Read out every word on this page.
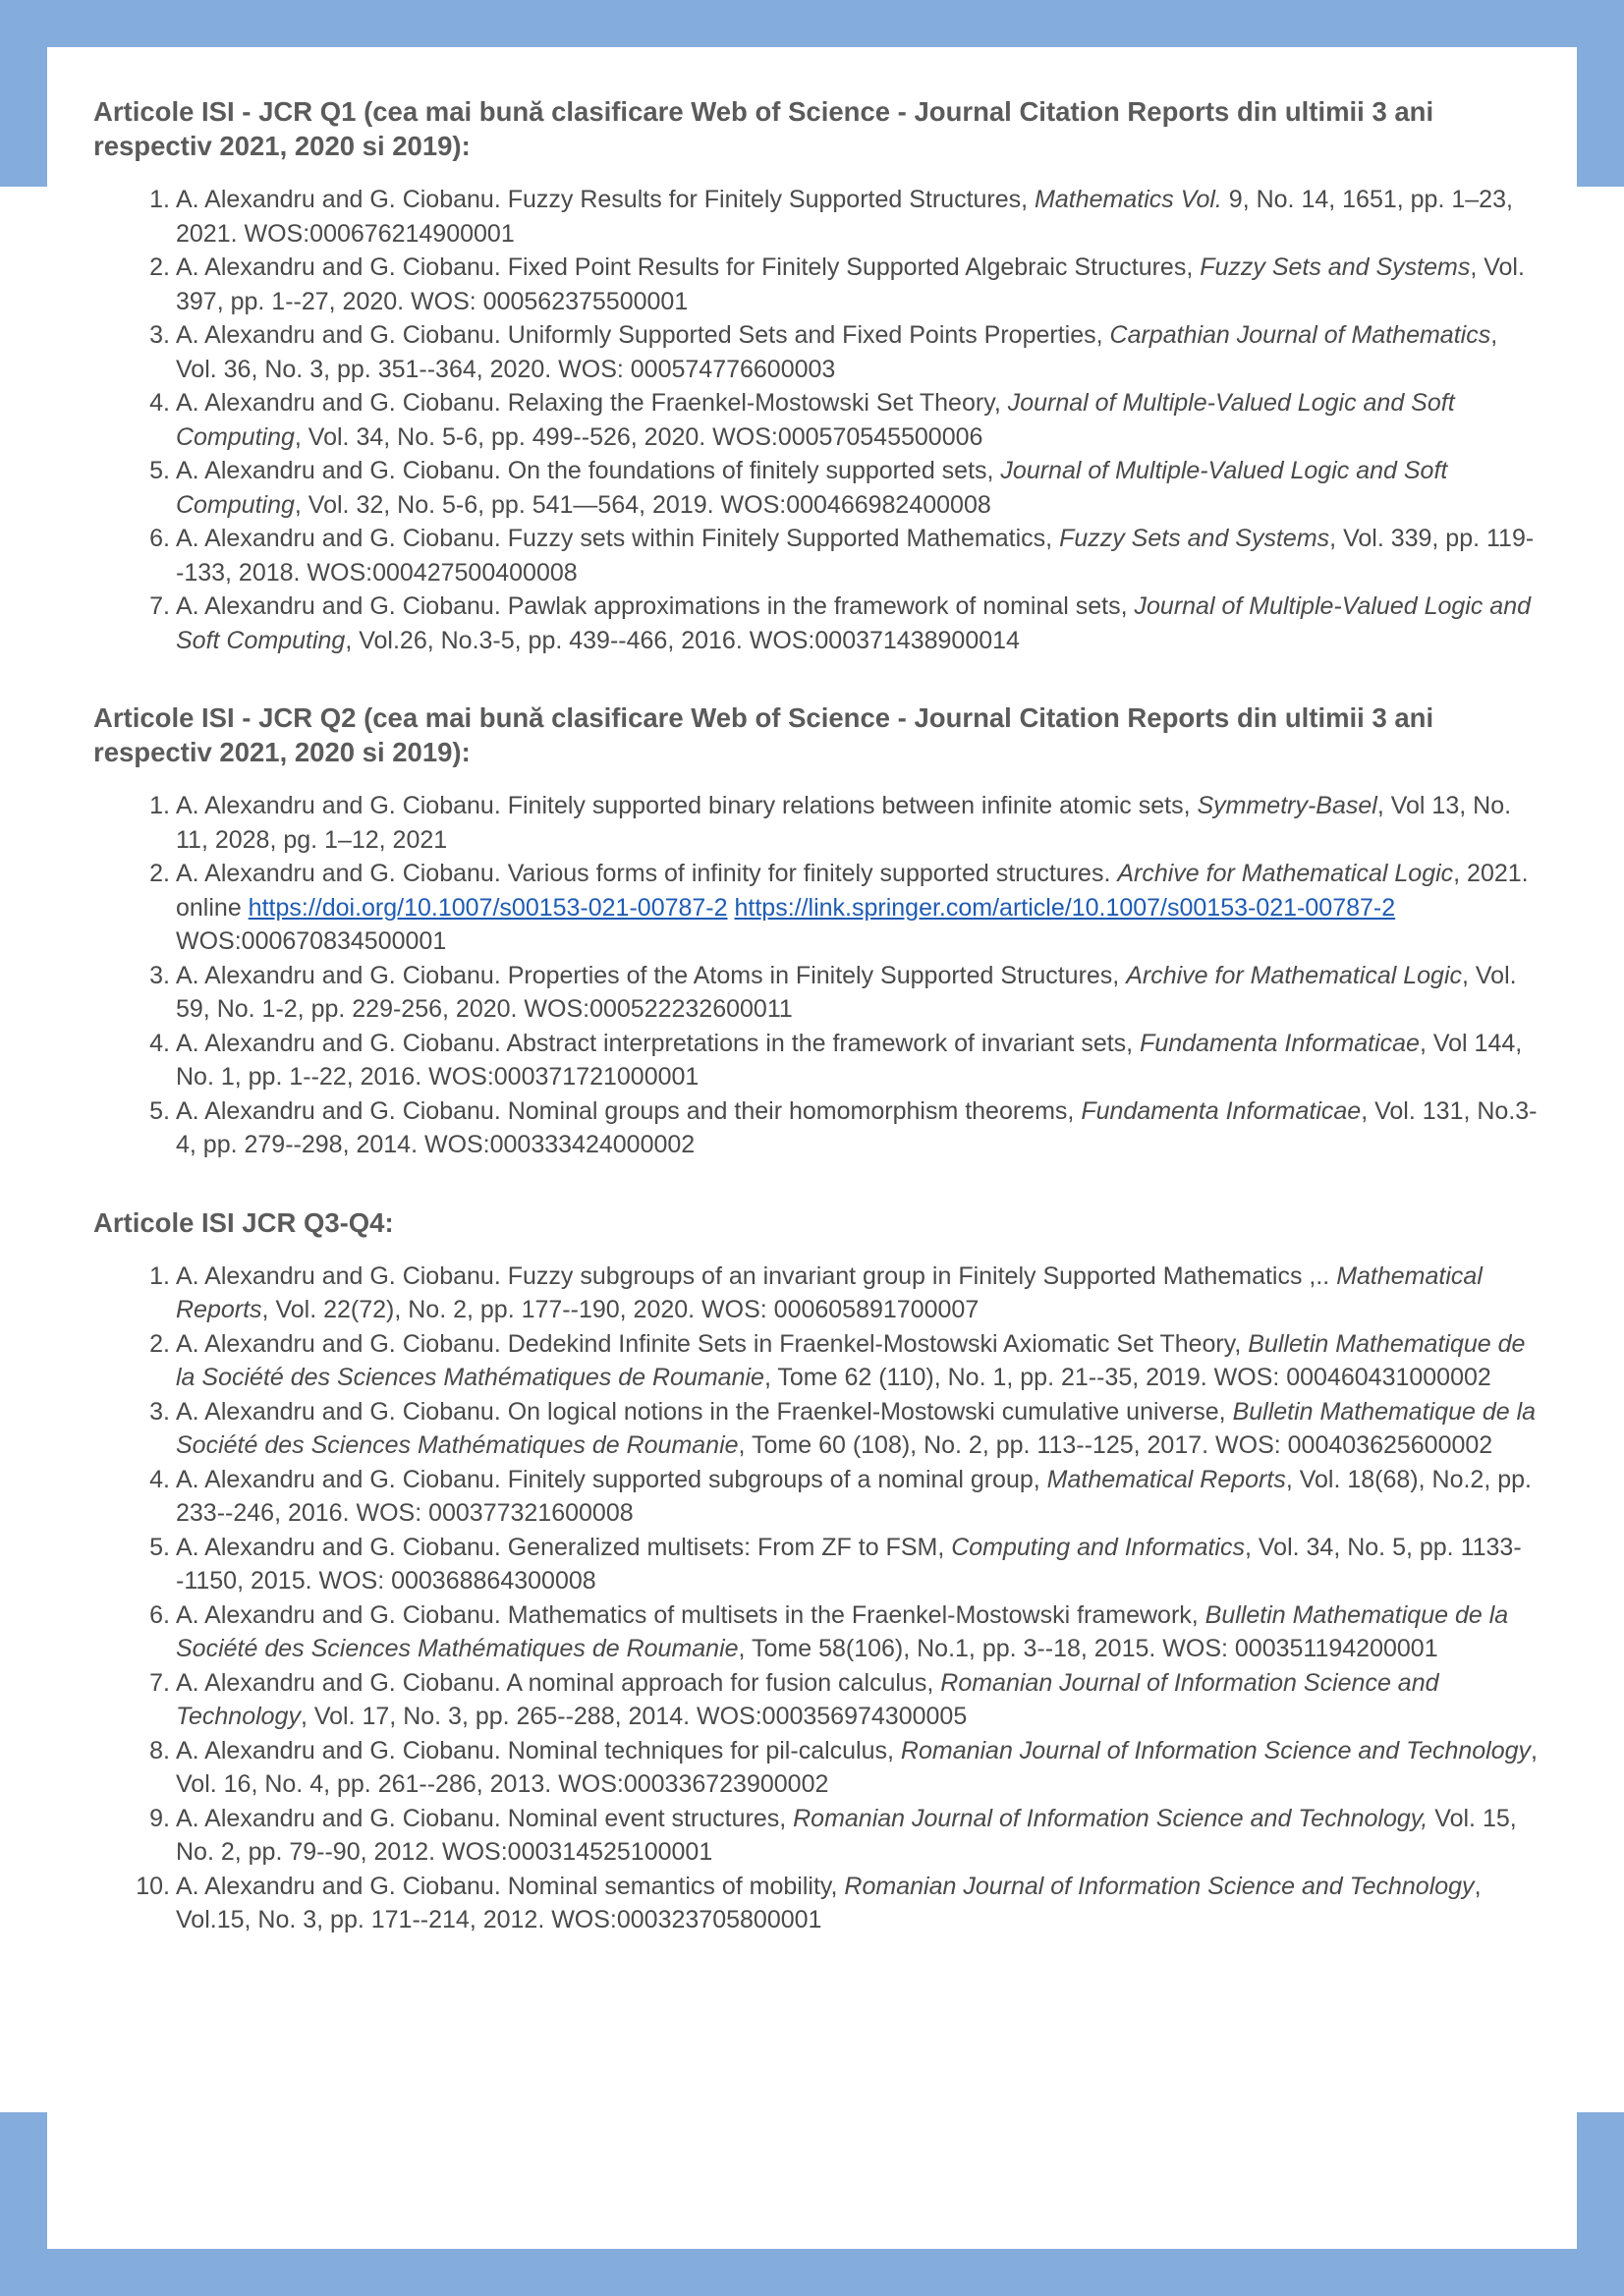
Articole ISI - JCR Q1 (cea mai bună clasificare Web of Science - Journal Citation Reports din ultimii 3 ani respectiv 2021, 2020 si 2019):
1. A. Alexandru and G. Ciobanu. Fuzzy Results for Finitely Supported Structures, Mathematics Vol. 9, No. 14, 1651, pp. 1–23, 2021. WOS:000676214900001
2. A. Alexandru and G. Ciobanu. Fixed Point Results for Finitely Supported Algebraic Structures, Fuzzy Sets and Systems, Vol. 397, pp. 1--27, 2020. WOS: 000562375500001
3. A. Alexandru and G. Ciobanu. Uniformly Supported Sets and Fixed Points Properties, Carpathian Journal of Mathematics, Vol. 36, No. 3, pp. 351--364, 2020. WOS: 000574776600003
4. A. Alexandru and G. Ciobanu. Relaxing the Fraenkel-Mostowski Set Theory, Journal of Multiple-Valued Logic and Soft Computing, Vol. 34, No. 5-6, pp. 499--526, 2020. WOS:000570545500006
5. A. Alexandru and G. Ciobanu. On the foundations of finitely supported sets, Journal of Multiple-Valued Logic and Soft Computing, Vol. 32, No. 5-6, pp. 541—564, 2019. WOS:000466982400008
6. A. Alexandru and G. Ciobanu. Fuzzy sets within Finitely Supported Mathematics, Fuzzy Sets and Systems, Vol. 339, pp. 119--133, 2018. WOS:000427500400008
7. A. Alexandru and G. Ciobanu. Pawlak approximations in the framework of nominal sets, Journal of Multiple-Valued Logic and Soft Computing, Vol.26, No.3-5, pp. 439--466, 2016. WOS:000371438900014
Articole ISI - JCR Q2 (cea mai bună clasificare Web of Science - Journal Citation Reports din ultimii 3 ani respectiv 2021, 2020 si 2019):
1. A. Alexandru and G. Ciobanu. Finitely supported binary relations between infinite atomic sets, Symmetry-Basel, Vol 13, No. 11, 2028, pg. 1–12, 2021
2. A. Alexandru and G. Ciobanu. Various forms of infinity for finitely supported structures. Archive for Mathematical Logic, 2021. online https://doi.org/10.1007/s00153-021-00787-2 https://link.springer.com/article/10.1007/s00153-021-00787-2 WOS:000670834500001
3. A. Alexandru and G. Ciobanu. Properties of the Atoms in Finitely Supported Structures, Archive for Mathematical Logic, Vol. 59, No. 1-2, pp. 229-256, 2020. WOS:000522232600011
4. A. Alexandru and G. Ciobanu. Abstract interpretations in the framework of invariant sets, Fundamenta Informaticae, Vol 144, No. 1, pp. 1--22, 2016. WOS:000371721000001
5. A. Alexandru and G. Ciobanu. Nominal groups and their homomorphism theorems, Fundamenta Informaticae, Vol. 131, No.3-4, pp. 279--298, 2014. WOS:000333424000002
Articole ISI JCR Q3-Q4:
1. A. Alexandru and G. Ciobanu. Fuzzy subgroups of an invariant group in Finitely Supported Mathematics ,.. Mathematical Reports, Vol. 22(72), No. 2, pp. 177--190, 2020. WOS: 000605891700007
2. A. Alexandru and G. Ciobanu. Dedekind Infinite Sets in Fraenkel-Mostowski Axiomatic Set Theory, Bulletin Mathematique de la Société des Sciences Mathématiques de Roumanie, Tome 62 (110), No. 1, pp. 21--35, 2019. WOS: 000460431000002
3. A. Alexandru and G. Ciobanu. On logical notions in the Fraenkel-Mostowski cumulative universe, Bulletin Mathematique de la Société des Sciences Mathématiques de Roumanie, Tome 60 (108), No. 2, pp. 113--125, 2017. WOS: 000403625600002
4. A. Alexandru and G. Ciobanu. Finitely supported subgroups of a nominal group, Mathematical Reports, Vol. 18(68), No.2, pp. 233--246, 2016. WOS: 000377321600008
5. A. Alexandru and G. Ciobanu. Generalized multisets: From ZF to FSM, Computing and Informatics, Vol. 34, No. 5, pp. 1133--1150, 2015. WOS: 000368864300008
6. A. Alexandru and G. Ciobanu. Mathematics of multisets in the Fraenkel-Mostowski framework, Bulletin Mathematique de la Société des Sciences Mathématiques de Roumanie, Tome 58(106), No.1, pp. 3--18, 2015. WOS: 000351194200001
7. A. Alexandru and G. Ciobanu. A nominal approach for fusion calculus, Romanian Journal of Information Science and Technology, Vol. 17, No. 3, pp. 265--288, 2014. WOS:000356974300005
8. A. Alexandru and G. Ciobanu. Nominal techniques for pil-calculus, Romanian Journal of Information Science and Technology, Vol. 16, No. 4, pp. 261--286, 2013. WOS:000336723900002
9. A. Alexandru and G. Ciobanu. Nominal event structures, Romanian Journal of Information Science and Technology, Vol. 15, No. 2, pp. 79--90, 2012. WOS:000314525100001
10. A. Alexandru and G. Ciobanu. Nominal semantics of mobility, Romanian Journal of Information Science and Technology, Vol.15, No. 3, pp. 171--214, 2012. WOS:000323705800001
